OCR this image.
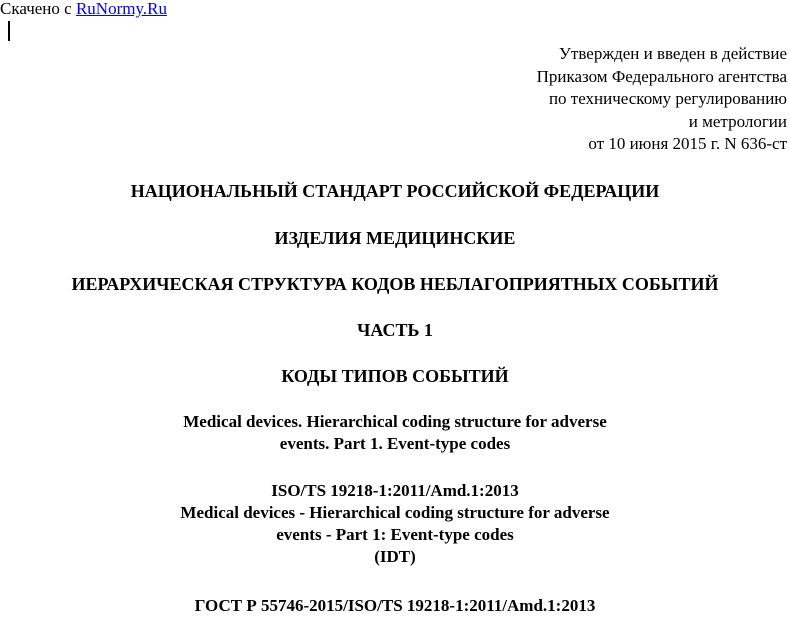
Скачено с RuNormy.Ru
Утвержден и введен в действие
Приказом Федерального агентства
по техническому регулированию
и метрологии
от 10 июня 2015 г. N 636-ст
НАЦИОНАЛЬНЫЙ СТАНДАРТ РОССИЙСКОЙ ФЕДЕРАЦИИ
ИЗДЕЛИЯ МЕДИЦИНСКИЕ
ИЕРАРХИЧЕСКАЯ СТРУКТУРА КОДОВ НЕБЛАГОПРИЯТНЫХ СОБЫТИЙ
ЧАСТЬ 1
КОДЫ ТИПОВ СОБЫТИЙ
Medical devices. Hierarchical coding structure for adverse
events. Part 1. Event-type codes
ISO/TS 19218-1:2011/Amd.1:2013
Medical devices - Hierarchical coding structure for adverse
events - Part 1: Event-type codes
(IDT)
ГОСТ Р 55746-2015/ISO/TS 19218-1:2011/Amd.1:2013
